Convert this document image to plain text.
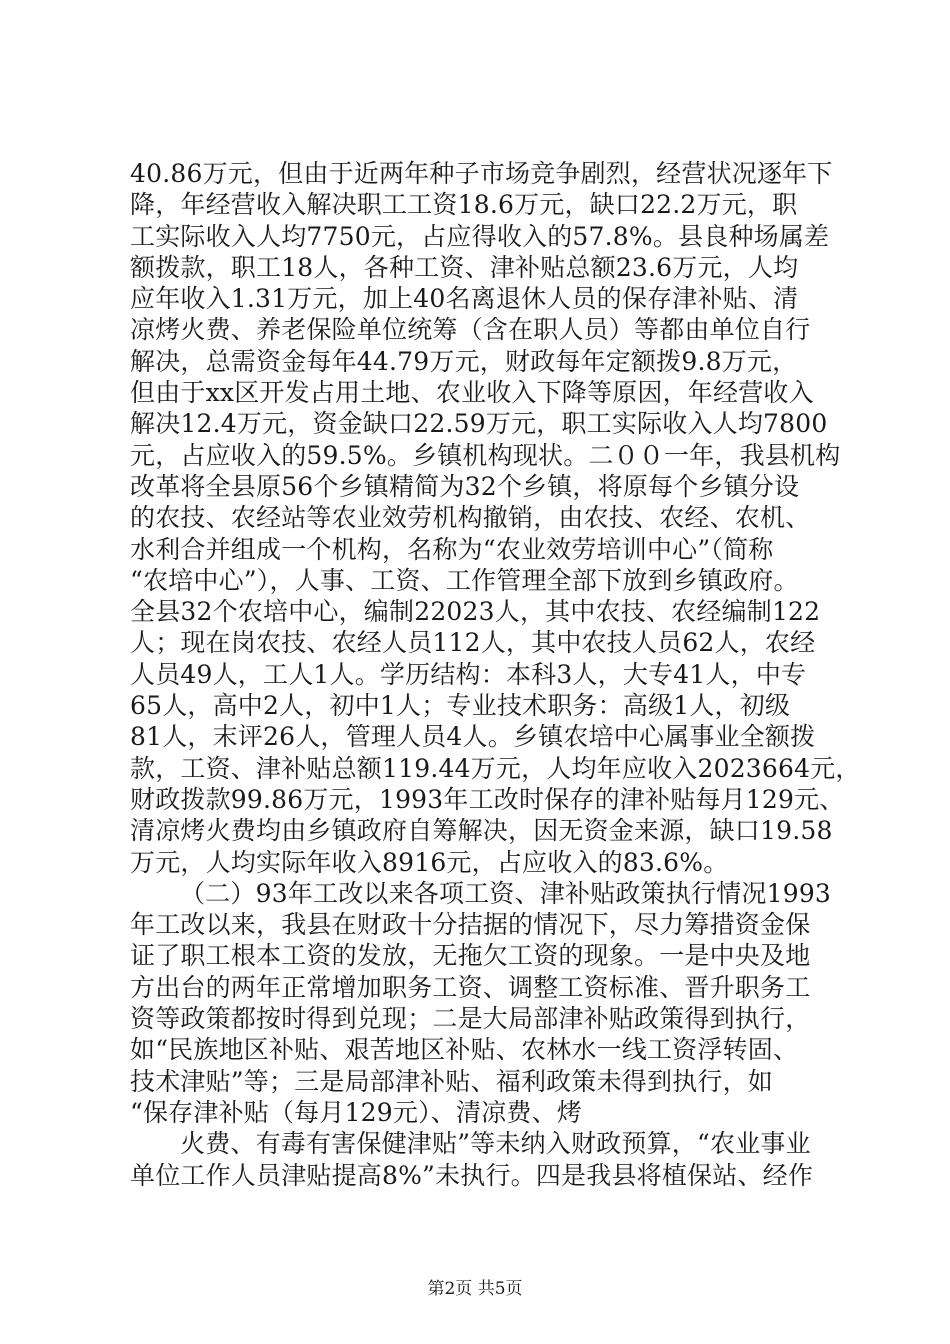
40.86万元，但由于近两年种子市场竞争剧烈，经营状况逐年下
降，年经营收入解决职工工资18.6万元，缺口22.2万元，职
工实际收入人均7750元，占应得收入的57.8%。县良种场属差
额拨款，职工18人，各种工资、津补贴总额23.6万元，人均
应年收入1.31万元，加上40名离退休人员的保存津补贴、清
凉烤火费、养老保险单位统筹（含在职人员）等都由单位自行
解决，总需资金每年44.79万元，财政每年定额拨9.8万元，
但由于xx区开发占用土地、农业收入下降等原因，年经营收入
解决12.4万元，资金缺口22.59万元，职工实际收入人均7800
元，占应收入的59.5%。乡镇机构现状。二００一年，我县机构
改革将全县原56个乡镇精简为32个乡镇，将原每个乡镇分设
的农技、农经站等农业效劳机构撤销，由农技、农经、农机、
水利合并组成一个机构，名称为“农业效劳培训中心”（简称
“农培中心”），人事、工资、工作管理全部下放到乡镇政府。
全县32个农培中心，编制22023人，其中农技、农经编制122
人；现在岗农技、农经人员112人，其中农技人员62人，农经
人员49人，工人1人。学历结构：本科3人，大专41人，中专
65人，高中2人，初中1人；专业技术职务：高级1人，初级
81人，末评26人，管理人员4人。乡镇农培中心属事业全额拨
款，工资、津补贴总额119.44万元，人均年应收入2023664元，
财政拨款99.86万元，1993年工改时保存的津补贴每月129元、
清凉烤火费均由乡镇政府自筹解决，因无资金来源，缺口19.58
万元，人均实际年收入8916元，占应收入的83.6%。
（二）93年工改以来各项工资、津补贴政策执行情况1993
年工改以来，我县在财政十分拮据的情况下，尽力筹措资金保
证了职工根本工资的发放，无拖欠工资的现象。一是中央及地
方出台的两年正常增加职务工资、调整工资标准、晋升职务工
资等政策都按时得到兑现；二是大局部津补贴政策得到执行，
如“民族地区补贴、艰苦地区补贴、农林水一线工资浮转固、
技术津贴”等；三是局部津补贴、福利政策未得到执行，如
“保存津补贴（每月129元）、清凉费、烤
火费、有毒有害保健津贴”等未纳入财政预算，“农业事业
单位工作人员津贴提高8%”未执行。四是我县将植保站、经作
第2页 共5页
